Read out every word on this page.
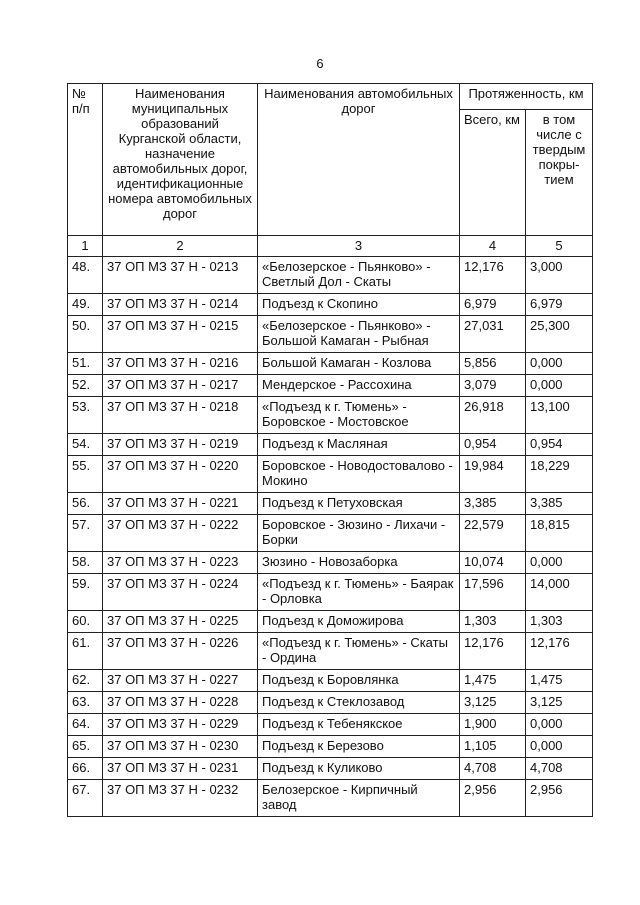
6
№ п/п	Наименования муниципальных образований Курганской области, назначение автомобильных дорог, идентификационные номера автомобильных дорог	Наименования автомобильных дорог	Протяженность, км	
			Всего, км	в том числе с твердым покры- тием
1	2	3	4	5
48.	37 ОП МЗ 37 Н - 0213	«Белозерское - Пьянково» - Светлый Дол - Скаты	12,176	3,000
49.	37 ОП МЗ 37 Н - 0214	Подъезд к Скопино	6,979	6,979
50.	37 ОП МЗ 37 Н - 0215	«Белозерское - Пьянково» - Большой Камаган - Рыбная	27,031	25,300
51.	37 ОП МЗ 37 Н - 0216	Большой Камаган - Козлова	5,856	0,000
52.	37 ОП МЗ 37 Н - 0217	Мендерское - Рассохина	3,079	0,000
53.	37 ОП МЗ 37 Н - 0218	«Подъезд к г. Тюмень» - Боровское - Мостовское	26,918	13,100
54.	37 ОП МЗ 37 Н - 0219	Подъезд к Масляная	0,954	0,954
55.	37 ОП МЗ 37 Н - 0220	Боровское - Новодостовалово - Мокино	19,984	18,229
56.	37 ОП МЗ 37 Н - 0221	Подъезд к Петуховская	3,385	3,385
57.	37 ОП МЗ 37 Н - 0222	Боровское - Зюзино - Лихачи - Борки	22,579	18,815
58.	37 ОП МЗ 37 Н - 0223	Зюзино - Новозаборка	10,074	0,000
59.	37 ОП МЗ 37 Н - 0224	«Подъезд к г. Тюмень» - Баярак - Орловка	17,596	14,000
60.	37 ОП МЗ 37 Н - 0225	Подъезд к Доможирова	1,303	1,303
61.	37 ОП МЗ 37 Н - 0226	«Подъезд к г. Тюмень» - Скаты - Ордина	12,176	12,176
62.	37 ОП МЗ 37 Н - 0227	Подъезд к Боровлянка	1,475	1,475
63.	37 ОП МЗ 37 Н - 0228	Подъезд к Стеклозавод	3,125	3,125
64.	37 ОП МЗ 37 Н - 0229	Подъезд к Тебенякское	1,900	0,000
65.	37 ОП МЗ 37 Н - 0230	Подъезд к Березово	1,105	0,000
66.	37 ОП МЗ 37 Н - 0231	Подъезд к Куликово	4,708	4,708
67.	37 ОП МЗ 37 Н - 0232	Белозерское - Кирпичный завод	2,956	2,956
